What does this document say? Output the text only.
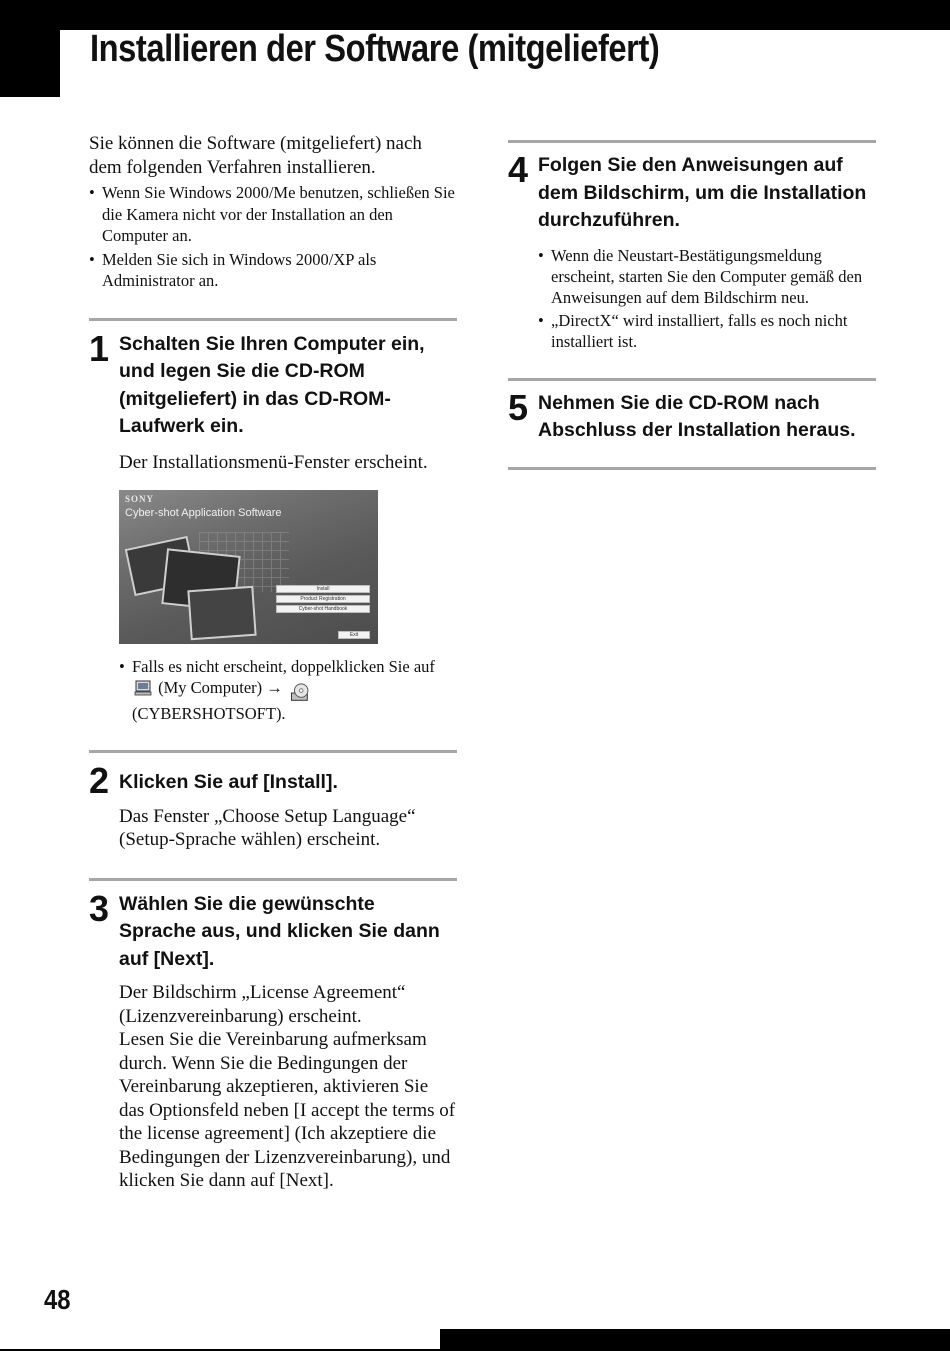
Installieren der Software (mitgeliefert)

Sie können die Software (mitgeliefert) nach dem folgenden Verfahren installieren.

• Wenn Sie Windows 2000/Me benutzen, schließen Sie die Kamera nicht vor der Installation an den Computer an.
• Melden Sie sich in Windows 2000/XP als Administrator an.
1 Schalten Sie Ihren Computer ein, und legen Sie die CD-ROM (mitgeliefert) in das CD-ROM-Laufwerk ein.

Der Installationsmenü-Fenster erscheint.

SONY
Cyber-shot Application Software
Install
Product Registration
Cyber-shot Handbook
Exit
• Falls es nicht erscheint, doppelklicken Sie auf  (My Computer) →
(CYBERSHOTSOFT).
2 Klicken Sie auf [Install].

Das Fenster „Choose Setup Language“ (Setup-Sprache wählen) erscheint.

3 Wählen Sie die gewünschte Sprache aus, und klicken Sie dann auf [Next].

Der Bildschirm „License Agreement“ (Lizenzvereinbarung) erscheint.

Lesen Sie die Vereinbarung aufmerksam durch. Wenn Sie die Bedingungen der Vereinbarung akzeptieren, aktivieren Sie das Optionsfeld neben [I accept the terms of the license agreement] (Ich akzeptiere die Bedingungen der Lizenzvereinbarung), und klicken Sie dann auf [Next].

4 Folgen Sie den Anweisungen auf dem Bildschirm, um die Installation durchzuführen.
• Wenn die Neustart-Bestätigungsmeldung erscheint, starten Sie den Computer gemäß den Anweisungen auf dem Bildschirm neu.
• „DirectX“ wird installiert, falls es noch nicht installiert ist.
5 Nehmen Sie die CD-ROM nach Abschluss der Installation heraus.
48
